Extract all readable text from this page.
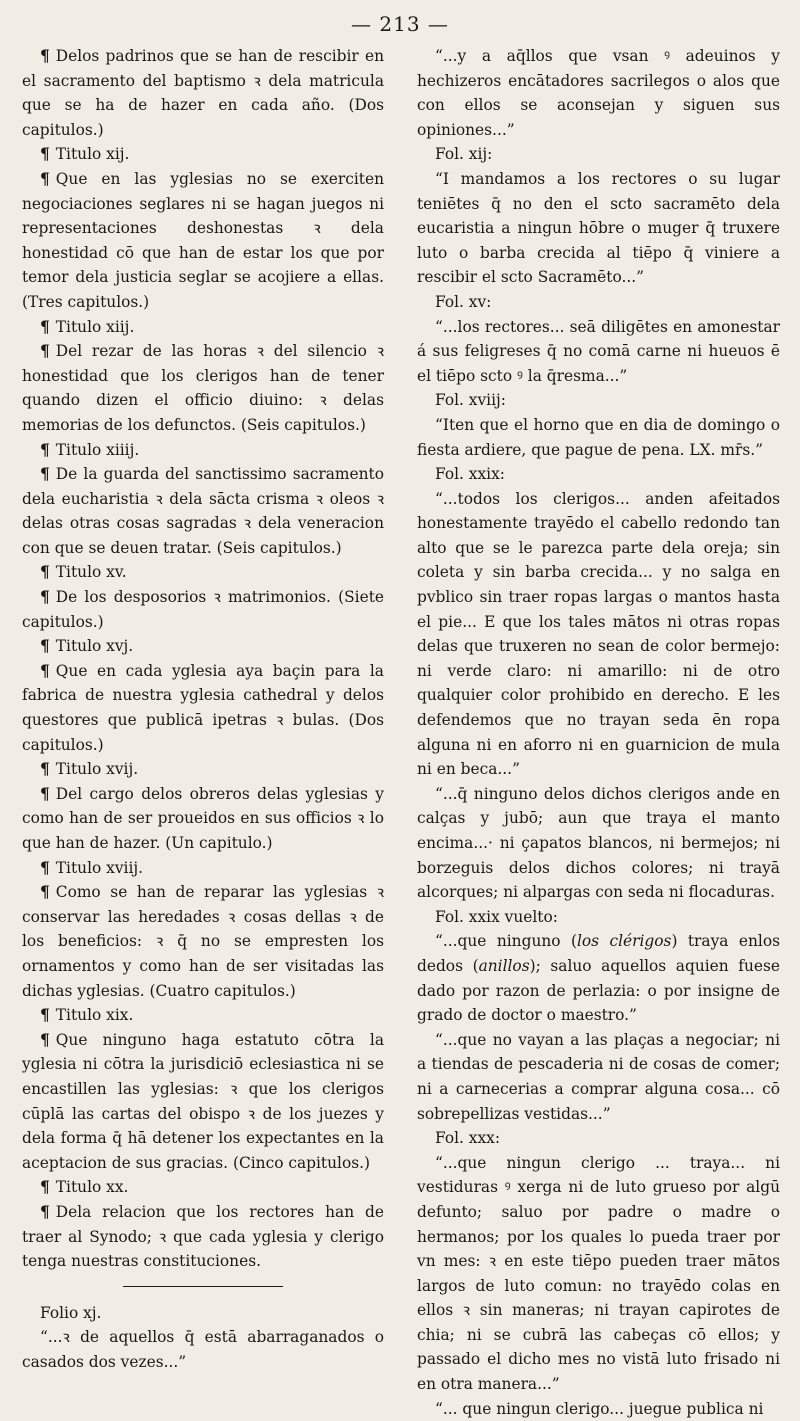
— 213 —

¶ Delos padrinos que se han de rescibir en el sacramento del baptismo ꝛ dela matricula que se ha de hazer en cada año. (Dos capitulos.)

¶ Titulo xij.

¶ Que en las yglesias no se exerciten negociaciones seglares ni se hagan juegos ni representaciones deshonestas ꝛ dela honestidad cō que han de estar los que por temor dela justicia seglar se acojiere a ellas. (Tres capitulos.)

¶ Titulo xiij.

¶ Del rezar de las horas ꝛ del silencio ꝛ honestidad que los clerigos han de tener quando dizen el officio diuino: ꝛ delas memorias de los defunctos. (Seis capitulos.)

¶ Titulo xiiij.

¶ De la guarda del sanctissimo sacramento dela eucharistia ꝛ dela sācta crisma ꝛ oleos ꝛ delas otras cosas sagradas ꝛ dela veneracion con que se deuen tratar. (Seis capitulos.)

¶ Titulo xv.

¶ De los desposorios ꝛ matrimonios. (Siete capitulos.)

¶ Titulo xvj.

¶ Que en cada yglesia aya baçin para la fabrica de nuestra yglesia cathedral y delos questores que publicā ipetras ꝛ bulas. (Dos capitulos.)

¶ Titulo xvij.

¶ Del cargo delos obreros delas yglesias y como han de ser proueidos en sus officios ꝛ lo que han de hazer. (Un capitulo.)

¶ Titulo xviij.

¶ Como se han de reparar las yglesias ꝛ conservar las heredades ꝛ cosas dellas ꝛ de los beneficios: ꝛ q̄ no se empresten los ornamentos y como han de ser visitadas las dichas yglesias. (Cuatro capitulos.)

¶ Titulo xix.

¶ Que ninguno haga estatuto cōtra la yglesia ni cōtra la jurisdiciō eclesiastica ni se encastillen las yglesias: ꝛ que los clerigos cūplā las cartas del obispo ꝛ de los juezes y dela forma q̄ hā detener los expectantes en la aceptacion de sus gracias. (Cinco capitulos.)

¶ Titulo xx.

¶ Dela relacion que los rectores han de traer al Synodo; ꝛ que cada yglesia y clerigo tenga nuestras constituciones.

Folio xj.

“...ꝛ de aquellos q̄ estā abarraganados o casados dos vezes...”

“...y a aq̄llos que vsan ꝰ adeuinos y hechizeros encātadores sacrilegos o alos que con ellos se aconsejan y siguen sus opiniones...”

Fol. xij:

“I mandamos a los rectores o su lugar teniētes q̄ no den el scto sacramēto dela eucaristia a ningun hōbre o muger q̄ truxere luto o barba crecida al tiēpo q̄ viniere a rescibir el scto Sacramēto...”

Fol. xv:

“...los rectores... seā diligētes en amonestar á sus feligreses q̄ no comā carne ni hueuos ē el tiēpo scto ꝰ la q̄resma...”

Fol. xviij:

“Iten que el horno que en dia de domingo o fiesta ardiere, que pague de pena. LX. mr̄s.”

Fol. xxix:

“...todos los clerigos... anden afeitados honestamente trayēdo el cabello redondo tan alto que se le parezca parte dela oreja; sin coleta y sin barba crecida... y no salga en pvblico sin traer ropas largas o mantos hasta el pie... E que los tales mātos ni otras ropas delas que truxeren no sean de color bermejo: ni verde claro: ni amarillo: ni de otro qualquier color prohibido en derecho. E les defendemos que no trayan seda ēn ropa alguna ni en aforro ni en guarnicion de mula ni en beca...”

“...q̄ ninguno delos dichos clerigos ande en calças y jubō; aun que traya el manto encima...· ni çapatos blancos, ni bermejos; ni borzeguis delos dichos colores; ni trayā alcorques; ni alpargas con seda ni flocaduras.

Fol. xxix vuelto:

“...que ninguno (los clérigos) traya enlos dedos (anillos); saluo aquellos aquien fuese dado por razon de perlazia: o por insigne de grado de doctor o maestro.”

“...que no vayan a las plaças a negociar; ni a tiendas de pescaderia ni de cosas de comer; ni a carnecerias a comprar alguna cosa... cō sobrepellizas vestidas...”

Fol. xxx:

“...que ningun clerigo ... traya... ni vestiduras ꝰ xerga ni de luto grueso por algū defunto; saluo por padre o madre o hermanos; por los quales lo pueda traer por vn mes: ꝛ en este tiēpo pueden traer mātos largos de luto comun: no trayēdo colas en ellos ꝛ sin maneras; ni trayan capirotes de chia; ni se cubrā las cabeças cō ellos; y passado el dicho mes no vistā luto frisado ni en otra manera...”

“... que ningun clerigo... juegue publica ni
